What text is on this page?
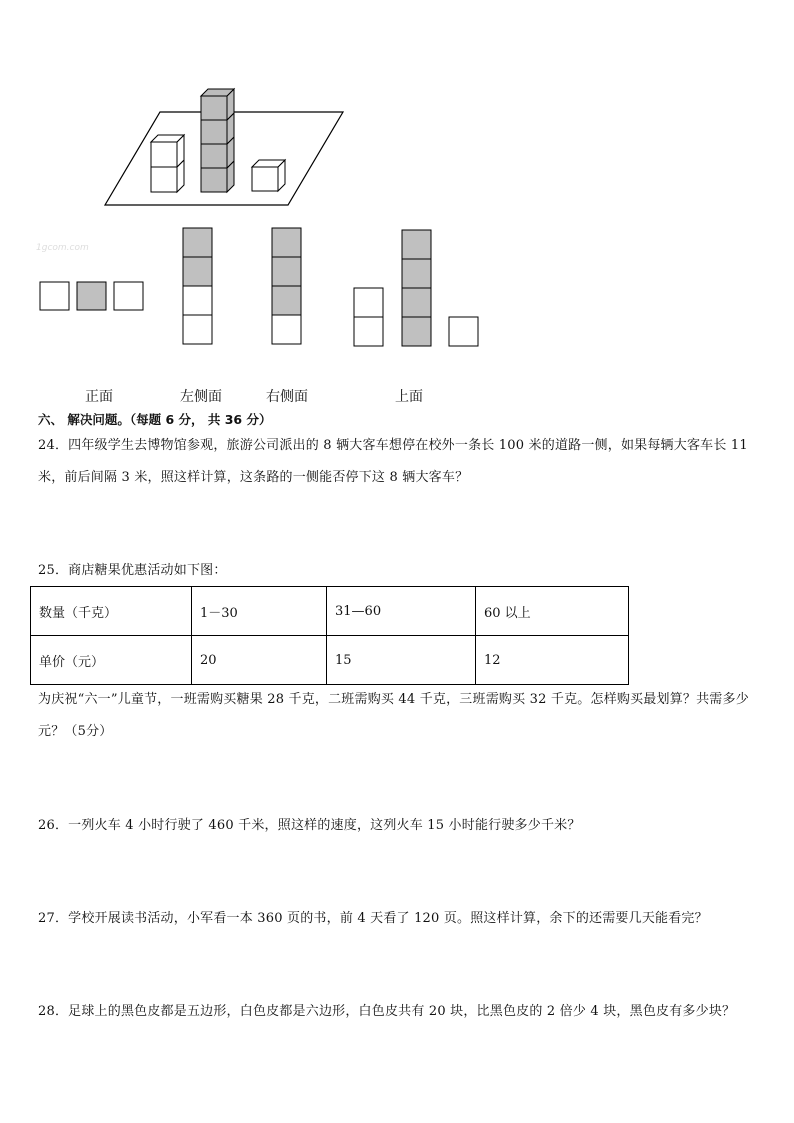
1gcom.com
正面	左侧面	右侧面	上面
六、 解决问题。（每题 6 分， 共 36 分）
24．四年级学生去博物馆参观，旅游公司派出的 8 辆大客车想停在校外一条长 100 米的道路一侧，如果每辆大客车长 11 米，前后间隔 3 米，照这样计算，这条路的一侧能否停下这 8 辆大客车？
25．商店糖果优惠活动如下图：
数量（千克）	1－30	31—60	60 以上
单价（元）	20	15	12
为庆祝“六一”儿童节，一班需购买糖果 28 千克，二班需购买 44 千克，三班需购买 32 千克。怎样购买最划算？共需多少元？（5分）
26．一列火车 4 小时行驶了 460 千米，照这样的速度，这列火车 15 小时能行驶多少千米？
27．学校开展读书活动，小军看一本 360 页的书，前 4 天看了 120 页。照这样计算，余下的还需要几天能看完？
28．足球上的黑色皮都是五边形，白色皮都是六边形，白色皮共有 20 块，比黑色皮的 2 倍少 4 块，黑色皮有多少块？
